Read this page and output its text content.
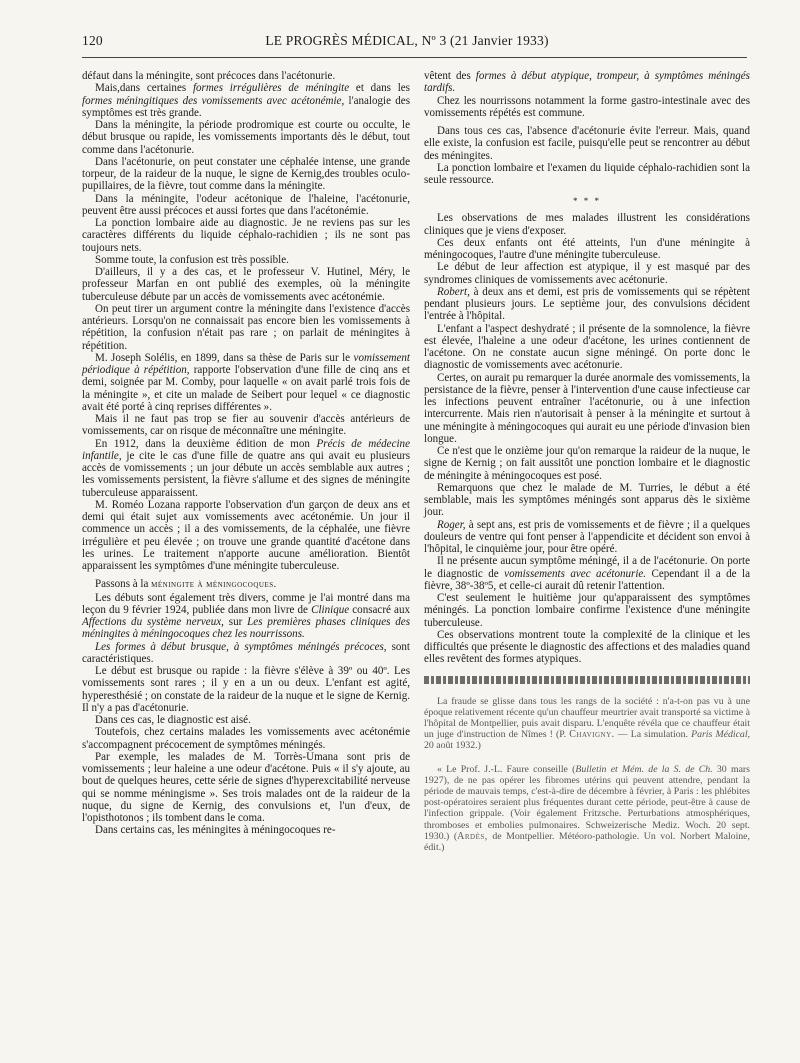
120	LE PROGRÈS MÉDICAL, Nº 3 (21 Janvier 1933)

défaut dans la méningite, sont précoces dans l'acétonurie.

Mais,dans certaines formes irrégulières de méningite et dans les formes méningitiques des vomissements avec acétonémie, l'analogie des symptômes est très grande.

Dans la méningite, la période prodromique est courte ou occulte, le début brusque ou rapide, les vomissements importants dès le début, tout comme dans l'acétonurie.

Dans l'acétonurie, on peut constater une céphalée intense, une grande torpeur, de la raideur de la nuque, le signe de Kernig,des troubles oculo-pupillaires, de la fièvre, tout comme dans la méningite.

Dans la méningite, l'odeur acétonique de l'haleine, l'acétonurie, peuvent être aussi précoces et aussi fortes que dans l'acétonémie.

La ponction lombaire aide au diagnostic. Je ne reviens pas sur les caractères différents du liquide céphalo-rachidien ; ils ne sont pas toujours nets.

Somme toute, la confusion est très possible.

D'ailleurs, il y a des cas, et le professeur V. Hutinel, Méry, le professeur Marfan en ont publié des exemples, où la méningite tuberculeuse débute par un accès de vomissements avec acétonémie.

On peut tirer un argument contre la méningite dans l'existence d'accès antérieurs. Lorsqu'on ne connaissait pas encore bien les vomissements à répétition, la confusion n'était pas rare ; on parlait de méningites à répétition.

M. Joseph Solélis, en 1899, dans sa thèse de Paris sur le vomissement périodique à répétition, rapporte l'observation d'une fille de cinq ans et demi, soignée par M. Comby, pour laquelle « on avait parlé trois fois de la méningite », et cite un malade de Seibert pour lequel « ce diagnostic avait été porté à cinq reprises différentes ».

Mais il ne faut pas trop se fier au souvenir d'accès antérieurs de vomissements, car on risque de méconnaître une méningite.

En 1912, dans la deuxième édition de mon Précis de médecine infantile, je cite le cas d'une fille de quatre ans qui avait eu plusieurs accès de vomissements ; un jour débute un accès semblable aux autres ; les vomissements persistent, la fièvre s'allume et des signes de méningite tuberculeuse apparaissent.

M. Roméo Lozana rapporte l'observation d'un garçon de deux ans et demi qui était sujet aux vomissements avec acétonémie. Un jour il commence un accès ; il a des vomissements, de la céphalée, une fièvre irrégulière et peu élevée ; on trouve une grande quantité d'acétone dans les urines. Le traitement n'apporte aucune amélioration. Bientôt apparaissent les symptômes d'une méningite tuberculeuse.

Passons à la méningite à méningocoques.

Les débuts sont également très divers, comme je l'ai montré dans ma leçon du 9 février 1924, publiée dans mon livre de Clinique consacré aux Affections du système nerveux, sur Les premières phases cliniques des méningites à méningocoques chez les nourrissons.

Les formes à début brusque, à symptômes méningés précoces, sont caractéristiques.

Le début est brusque ou rapide : la fièvre s'élève à 39º ou 40º. Les vomissements sont rares ; il y en a un ou deux. L'enfant est agité, hyperesthésié ; on constate de la raideur de la nuque et le signe de Kernig. Il n'y a pas d'acétonurie.

Dans ces cas, le diagnostic est aisé.

Toutefois, chez certains malades les vomissements avec acétonémie s'accompagnent précocement de symptômes méningés.

Par exemple, les malades de M. Torrès-Umana sont pris de vomissements ; leur haleine a une odeur d'acétone. Puis « il s'y ajoute, au bout de quelques heures, cette série de signes d'hyperexcitabilité nerveuse qui se nomme méningisme ». Ses trois malades ont de la raideur de la nuque, du signe de Kernig, des convulsions et, l'un d'eux, de l'opisthotonos ; ils tombent dans le coma.

Dans certains cas, les méningites à méningocoques re-

vêtent des formes à début atypique, trompeur, à symptômes méningés tardifs.

Chez les nourrissons notamment la forme gastro-intestinale avec des vomissements répétés est commune.

Dans tous ces cas, l'absence d'acétonurie évite l'erreur. Mais, quand elle existe, la confusion est facile, puisqu'elle peut se rencontrer au début des méningites.

La ponction lombaire et l'examen du liquide céphalo-rachidien sont la seule ressource.

* * *

Les observations de mes malades illustrent les considérations cliniques que je viens d'exposer.

Ces deux enfants ont été atteints, l'un d'une méningite à méningocoques, l'autre d'une méningite tuberculeuse.

Le début de leur affection est atypique, il y est masqué par des syndromes cliniques de vomissements avec acétonurie.

Robert, à deux ans et demi, est pris de vomissements qui se répètent pendant plusieurs jours. Le septième jour, des convulsions décident l'entrée à l'hôpital.

L'enfant a l'aspect deshydraté ; il présente de la somnolence, la fièvre est élevée, l'haleine a une odeur d'acétone, les urines contiennent de l'acétone. On ne constate aucun signe méningé. On porte donc le diagnostic de vomissements avec acétonurie.

Certes, on aurait pu remarquer la durée anormale des vomissements, la persistance de la fièvre, penser à l'intervention d'une cause infectieuse car les infections peuvent entraîner l'acétonurie, ou à une infection intercurrente. Mais rien n'autorisait à penser à la méningite et surtout à une méningite à méningocoques qui aurait eu une période d'invasion bien longue.

Ce n'est que le onzième jour qu'on remarque la raideur de la nuque, le signe de Kernig ; on fait aussitôt une ponction lombaire et le diagnostic de méningite à méningocoques est posé.

Remarquons que chez le malade de M. Turries, le début a été semblable, mais les symptômes méningés sont apparus dès le sixième jour.

Roger, à sept ans, est pris de vomissements et de fièvre ; il a quelques douleurs de ventre qui font penser à l'appendicite et décident son envoi à l'hôpital, le cinquième jour, pour être opéré.

Il ne présente aucun symptôme méningé, il a de l'acétonurie. On porte le diagnostic de vomissements avec acétonurie. Cependant il a de la fièvre, 38º-38º5, et celle-ci aurait dû retenir l'attention.

C'est seulement le huitième jour qu'apparaissent des symptômes méningés. La ponction lombaire confirme l'existence d'une méningite tuberculeuse.

Ces observations montrent toute la complexité de la clinique et les difficultés que présente le diagnostic des affections et des maladies quand elles revêtent des formes atypiques.

La fraude se glisse dans tous les rangs de la société : n'a-t-on pas vu à une époque relativement récente qu'un chauffeur meurtrier avait transporté sa victime à l'hôpital de Montpellier, puis avait disparu. L'enquête révéla que ce chauffeur était un juge d'instruction de Nîmes ! (P. Chavigny. — La simulation. Paris Médical, 20 août 1932.)

« Le Prof. J.-L. Faure conseille (Bulletin et Mém. de la S. de Ch. 30 mars 1927), de ne pas opérer les fibromes utérins qui peuvent attendre, pendant la période de mauvais temps, c'est-à-dire de décembre à février, à Paris : les phlébites post-opératoires seraient plus fréquentes durant cette période, peut-être à cause de l'infection grippale. (Voir également Fritzsche. Perturbations atmosphériques, thromboses et embolies pulmonaires. Schweizerische Mediz. Woch. 20 sept. 1930.) (Ardès, de Montpellier. Météoro-pathologie. Un vol. Norbert Maloine, édit.)
